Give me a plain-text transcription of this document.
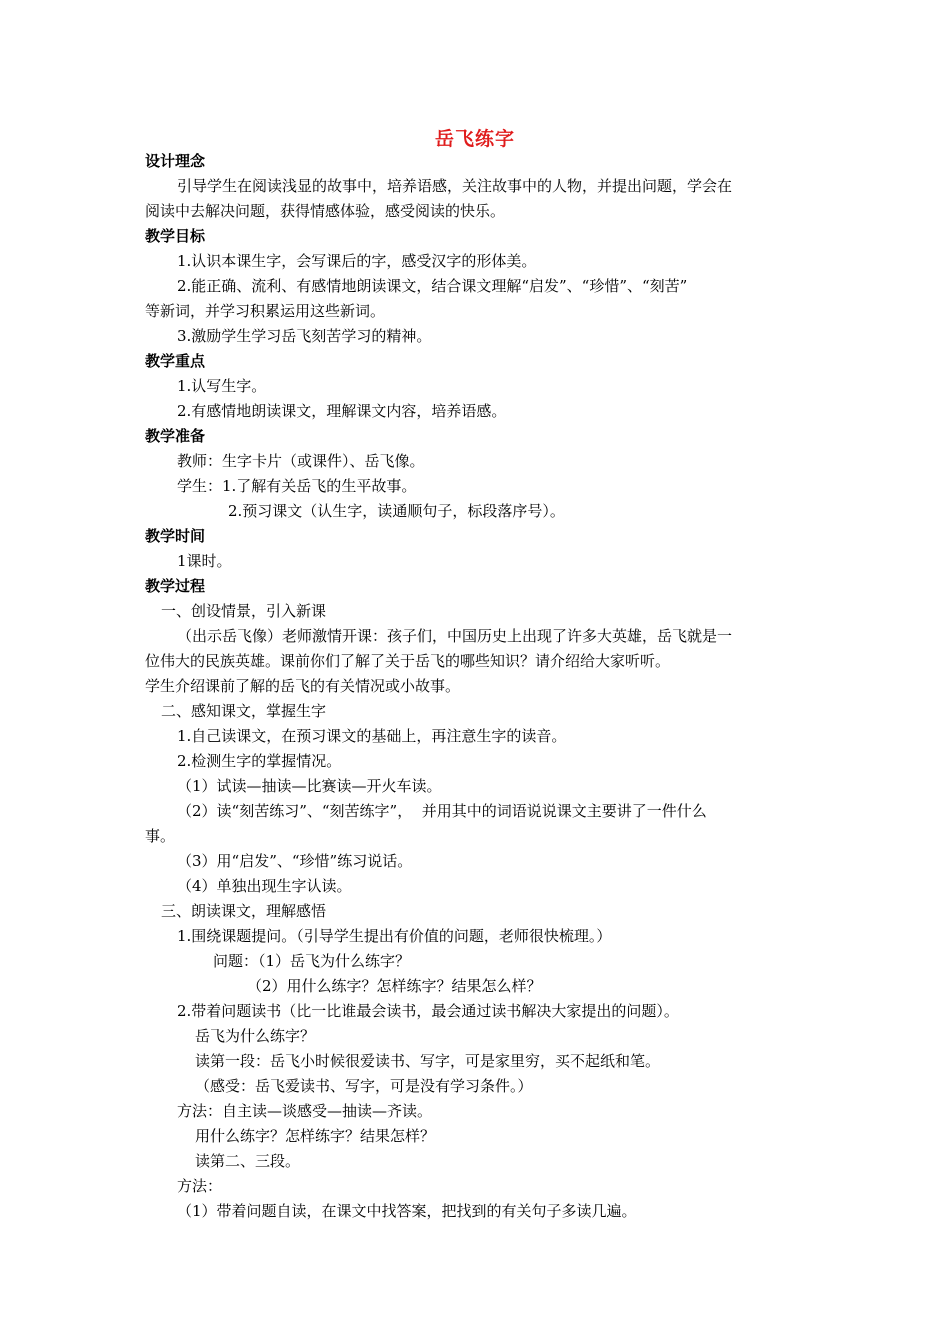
岳飞练字
设计理念
引导学生在阅读浅显的故事中，培养语感，关注故事中的人物，并提出问题，学会在
阅读中去解决问题，获得情感体验，感受阅读的快乐。
教学目标
1.认识本课生字，会写课后的字，感受汉字的形体美。
2.能正确、流利、有感情地朗读课文，结合课文理解“启发”、“珍惜”、“刻苦”
等新词，并学习积累运用这些新词。
3.激励学生学习岳飞刻苦学习的精神。
教学重点
1.认写生字。
2.有感情地朗读课文，理解课文内容，培养语感。
教学准备
教师：生字卡片（或课件）、岳飞像。
学生：1.了解有关岳飞的生平故事。
2.预习课文（认生字，读通顺句子，标段落序号）。
教学时间
1课时。
教学过程
一、创设情景，引入新课
（出示岳飞像）老师激情开课：孩子们，中国历史上出现了许多大英雄，岳飞就是一
位伟大的民族英雄。课前你们了解了关于岳飞的哪些知识？请介绍给大家听听。
学生介绍课前了解的岳飞的有关情况或小故事。
二、感知课文，掌握生字
1.自己读课文，在预习课文的基础上，再注意生字的读音。
2.检测生字的掌握情况。
（1）试读—抽读—比赛读—开火车读。
（2）读“刻苦练习”、“刻苦练字”，  并用其中的词语说说课文主要讲了一件什么
事。
（3）用“启发”、“珍惜”练习说话。
（4）单独出现生字认读。
三、朗读课文，理解感悟
1.围绕课题提问。（引导学生提出有价值的问题，老师很快梳理。）
问题：（1）岳飞为什么练字？
（2）用什么练字？怎样练字？结果怎么样？
2.带着问题读书（比一比谁最会读书，最会通过读书解决大家提出的问题）。
岳飞为什么练字？
读第一段：岳飞小时候很爱读书、写字，可是家里穷，买不起纸和笔。
（感受：岳飞爱读书、写字，可是没有学习条件。）
方法：自主读—谈感受—抽读—齐读。
用什么练字？怎样练字？结果怎样？
读第二、三段。
方法：
（1）带着问题自读，在课文中找答案，把找到的有关句子多读几遍。
